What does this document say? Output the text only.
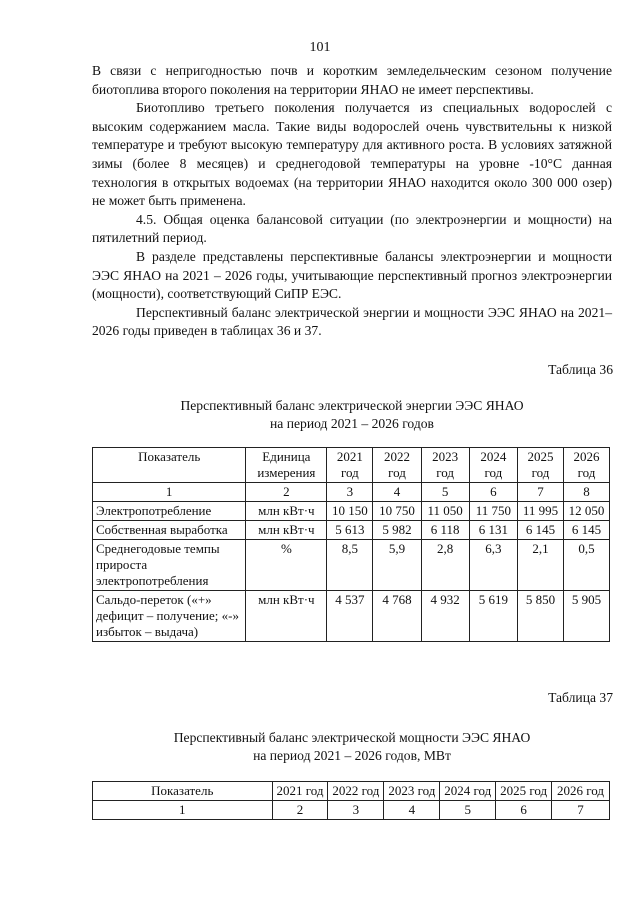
101

В связи с непригодностью почв и коротким земледельческим сезоном получение биотоплива второго поколения на территории ЯНАО не имеет перспективы.

Биотопливо третьего поколения получается из специальных водорослей с высоким содержанием масла. Такие виды водорослей очень чувствительны к низкой температуре и требуют высокую температуру для активного роста. В условиях затяжной зимы (более 8 месяцев) и среднегодовой температуры на уровне -10°С данная технология в открытых водоемах (на территории ЯНАО находится около 300 000 озер) не может быть применена.

4.5. Общая оценка балансовой ситуации (по электроэнергии и мощности) на пятилетний период.

В разделе представлены перспективные балансы электроэнергии и мощности ЭЭС ЯНАО на 2021 – 2026 годы, учитывающие перспективный прогноз электроэнергии (мощности), соответствующий СиПР ЕЭС.

Перспективный баланс электрической энергии и мощности ЭЭС ЯНАО на 2021–2026 годы приведен в таблицах 36 и 37.

Таблица 36
Перспективный баланс электрической энергии ЭЭС ЯНАО
на период 2021 – 2026 годов
Показатель	Единица измерения	2021 год	2022 год	2023 год	2024 год	2025 год	2026 год
1	2	3	4	5	6	7	8
Электропотребление	млн кВт·ч	10 150	10 750	11 050	11 750	11 995	12 050
Собственная выработка	млн кВт·ч	5 613	5 982	6 118	6 131	6 145	6 145
Среднегодовые темпы прироста электропотребления	%	8,5	5,9	2,8	6,3	2,1	0,5
Сальдо-переток («+» дефицит – получение; «-» избыток – выдача)	млн кВт·ч	4 537	4 768	4 932	5 619	5 850	5 905
Таблица 37
Перспективный баланс электрической мощности ЭЭС ЯНАО
на период 2021 – 2026 годов, МВт
Показатель	2021 год	2022 год	2023 год	2024 год	2025 год	2026 год
1	2	3	4	5	6	7
